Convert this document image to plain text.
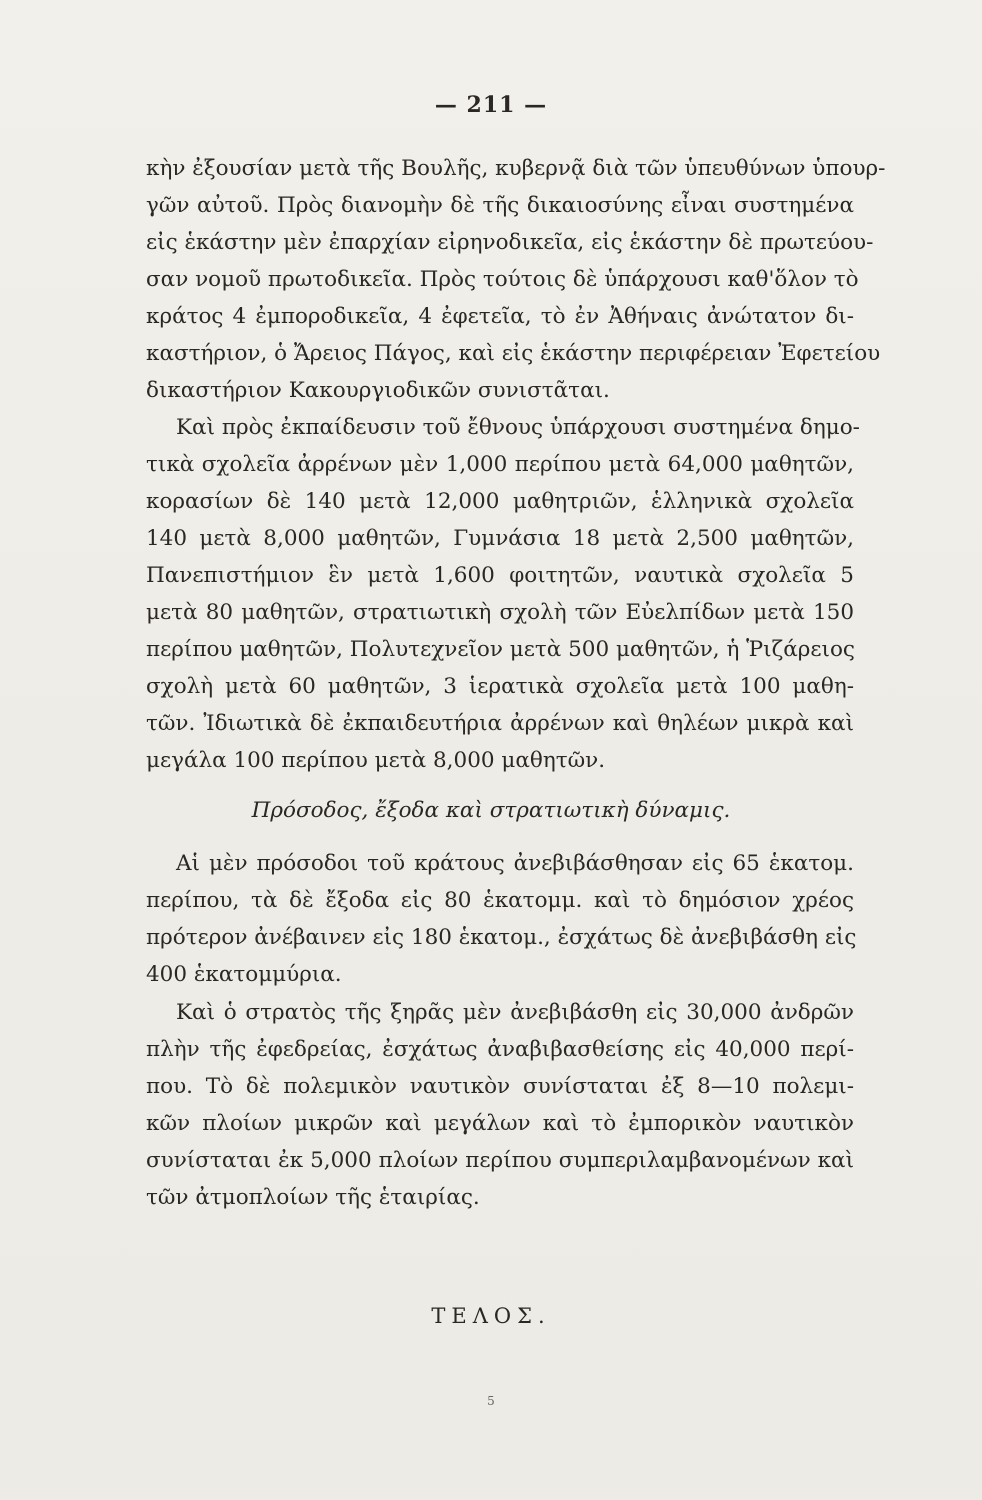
— 211 —
κὴν ἐξουσίαν μετὰ τῆς Βουλῆς, κυβερνᾷ διὰ τῶν ὑπευθύνων ὑπουρ-
γῶν αὐτοῦ. Πρὸς διανομὴν δὲ τῆς δικαιοσύνης εἶναι συστημένα
εἰς ἑκάστην μὲν ἐπαρχίαν εἰρηνοδικεῖα, εἰς ἑκάστην δὲ πρωτεύου-
σαν νομοῦ πρωτοδικεῖα. Πρὸς τούτοις δὲ ὑπάρχουσι καθ'ὅλον τὸ
κράτος 4 ἐμποροδικεῖα, 4 ἐφετεῖα, τὸ ἐν Ἀθήναις ἀνώτατον δι-
καστήριον, ὁ Ἄρειος Πάγος, καὶ εἰς ἑκάστην περιφέρειαν Ἐφετείου
δικαστήριον Κακουργιοδικῶν συνιστᾶται.
Καὶ πρὸς ἐκπαίδευσιν τοῦ ἔθνους ὑπάρχουσι συστημένα δημο-
τικὰ σχολεῖα ἀρρένων μὲν 1,000 περίπου μετὰ 64,000 μαθητῶν,
κορασίων δὲ 140 μετὰ 12,000 μαθητριῶν, ἑλληνικὰ σχολεῖα
140 μετὰ 8,000 μαθητῶν, Γυμνάσια 18 μετὰ 2,500 μαθητῶν,
Πανεπιστήμιον ἓν μετὰ 1,600 φοιτητῶν, ναυτικὰ σχολεῖα 5
μετὰ 80 μαθητῶν, στρατιωτικὴ σχολὴ τῶν Εὐελπίδων μετὰ 150
περίπου μαθητῶν, Πολυτεχνεῖον μετὰ 500 μαθητῶν, ἡ Ῥιζάρειος
σχολὴ μετὰ 60 μαθητῶν, 3 ἱερατικὰ σχολεῖα μετὰ 100 μαθη-
τῶν. Ἰδιωτικὰ δὲ ἐκπαιδευτήρια ἀρρένων καὶ θηλέων μικρὰ καὶ
μεγάλα 100 περίπου μετὰ 8,000 μαθητῶν.
Πρόσοδος, ἔξοδα καὶ στρατιωτικὴ δύναμις.
Αἱ μὲν πρόσοδοι τοῦ κράτους ἀνεβιβάσθησαν εἰς 65 ἑκατομ.
περίπου, τὰ δὲ ἔξοδα εἰς 80 ἑκατομμ. καὶ τὸ δημόσιον χρέος
πρότερον ἀνέβαινεν εἰς 180 ἑκατομ., ἐσχάτως δὲ ἀνεβιβάσθη εἰς
400 ἑκατομμύρια.
Καὶ ὁ στρατὸς τῆς ξηρᾶς μὲν ἀνεβιβάσθη εἰς 30,000 ἀνδρῶν
πλὴν τῆς ἐφεδρείας, ἐσχάτως ἀναβιβασθείσης εἰς 40,000 περί-
που. Τὸ δὲ πολεμικὸν ναυτικὸν συνίσταται ἐξ 8—10 πολεμι-
κῶν πλοίων μικρῶν καὶ μεγάλων καὶ τὸ ἐμπορικὸν ναυτικὸν
συνίσταται ἐκ 5,000 πλοίων περίπου συμπεριλαμβανομένων καὶ
τῶν ἀτμοπλοίων τῆς ἑταιρίας.
ΤΕΛΟΣ.
5
